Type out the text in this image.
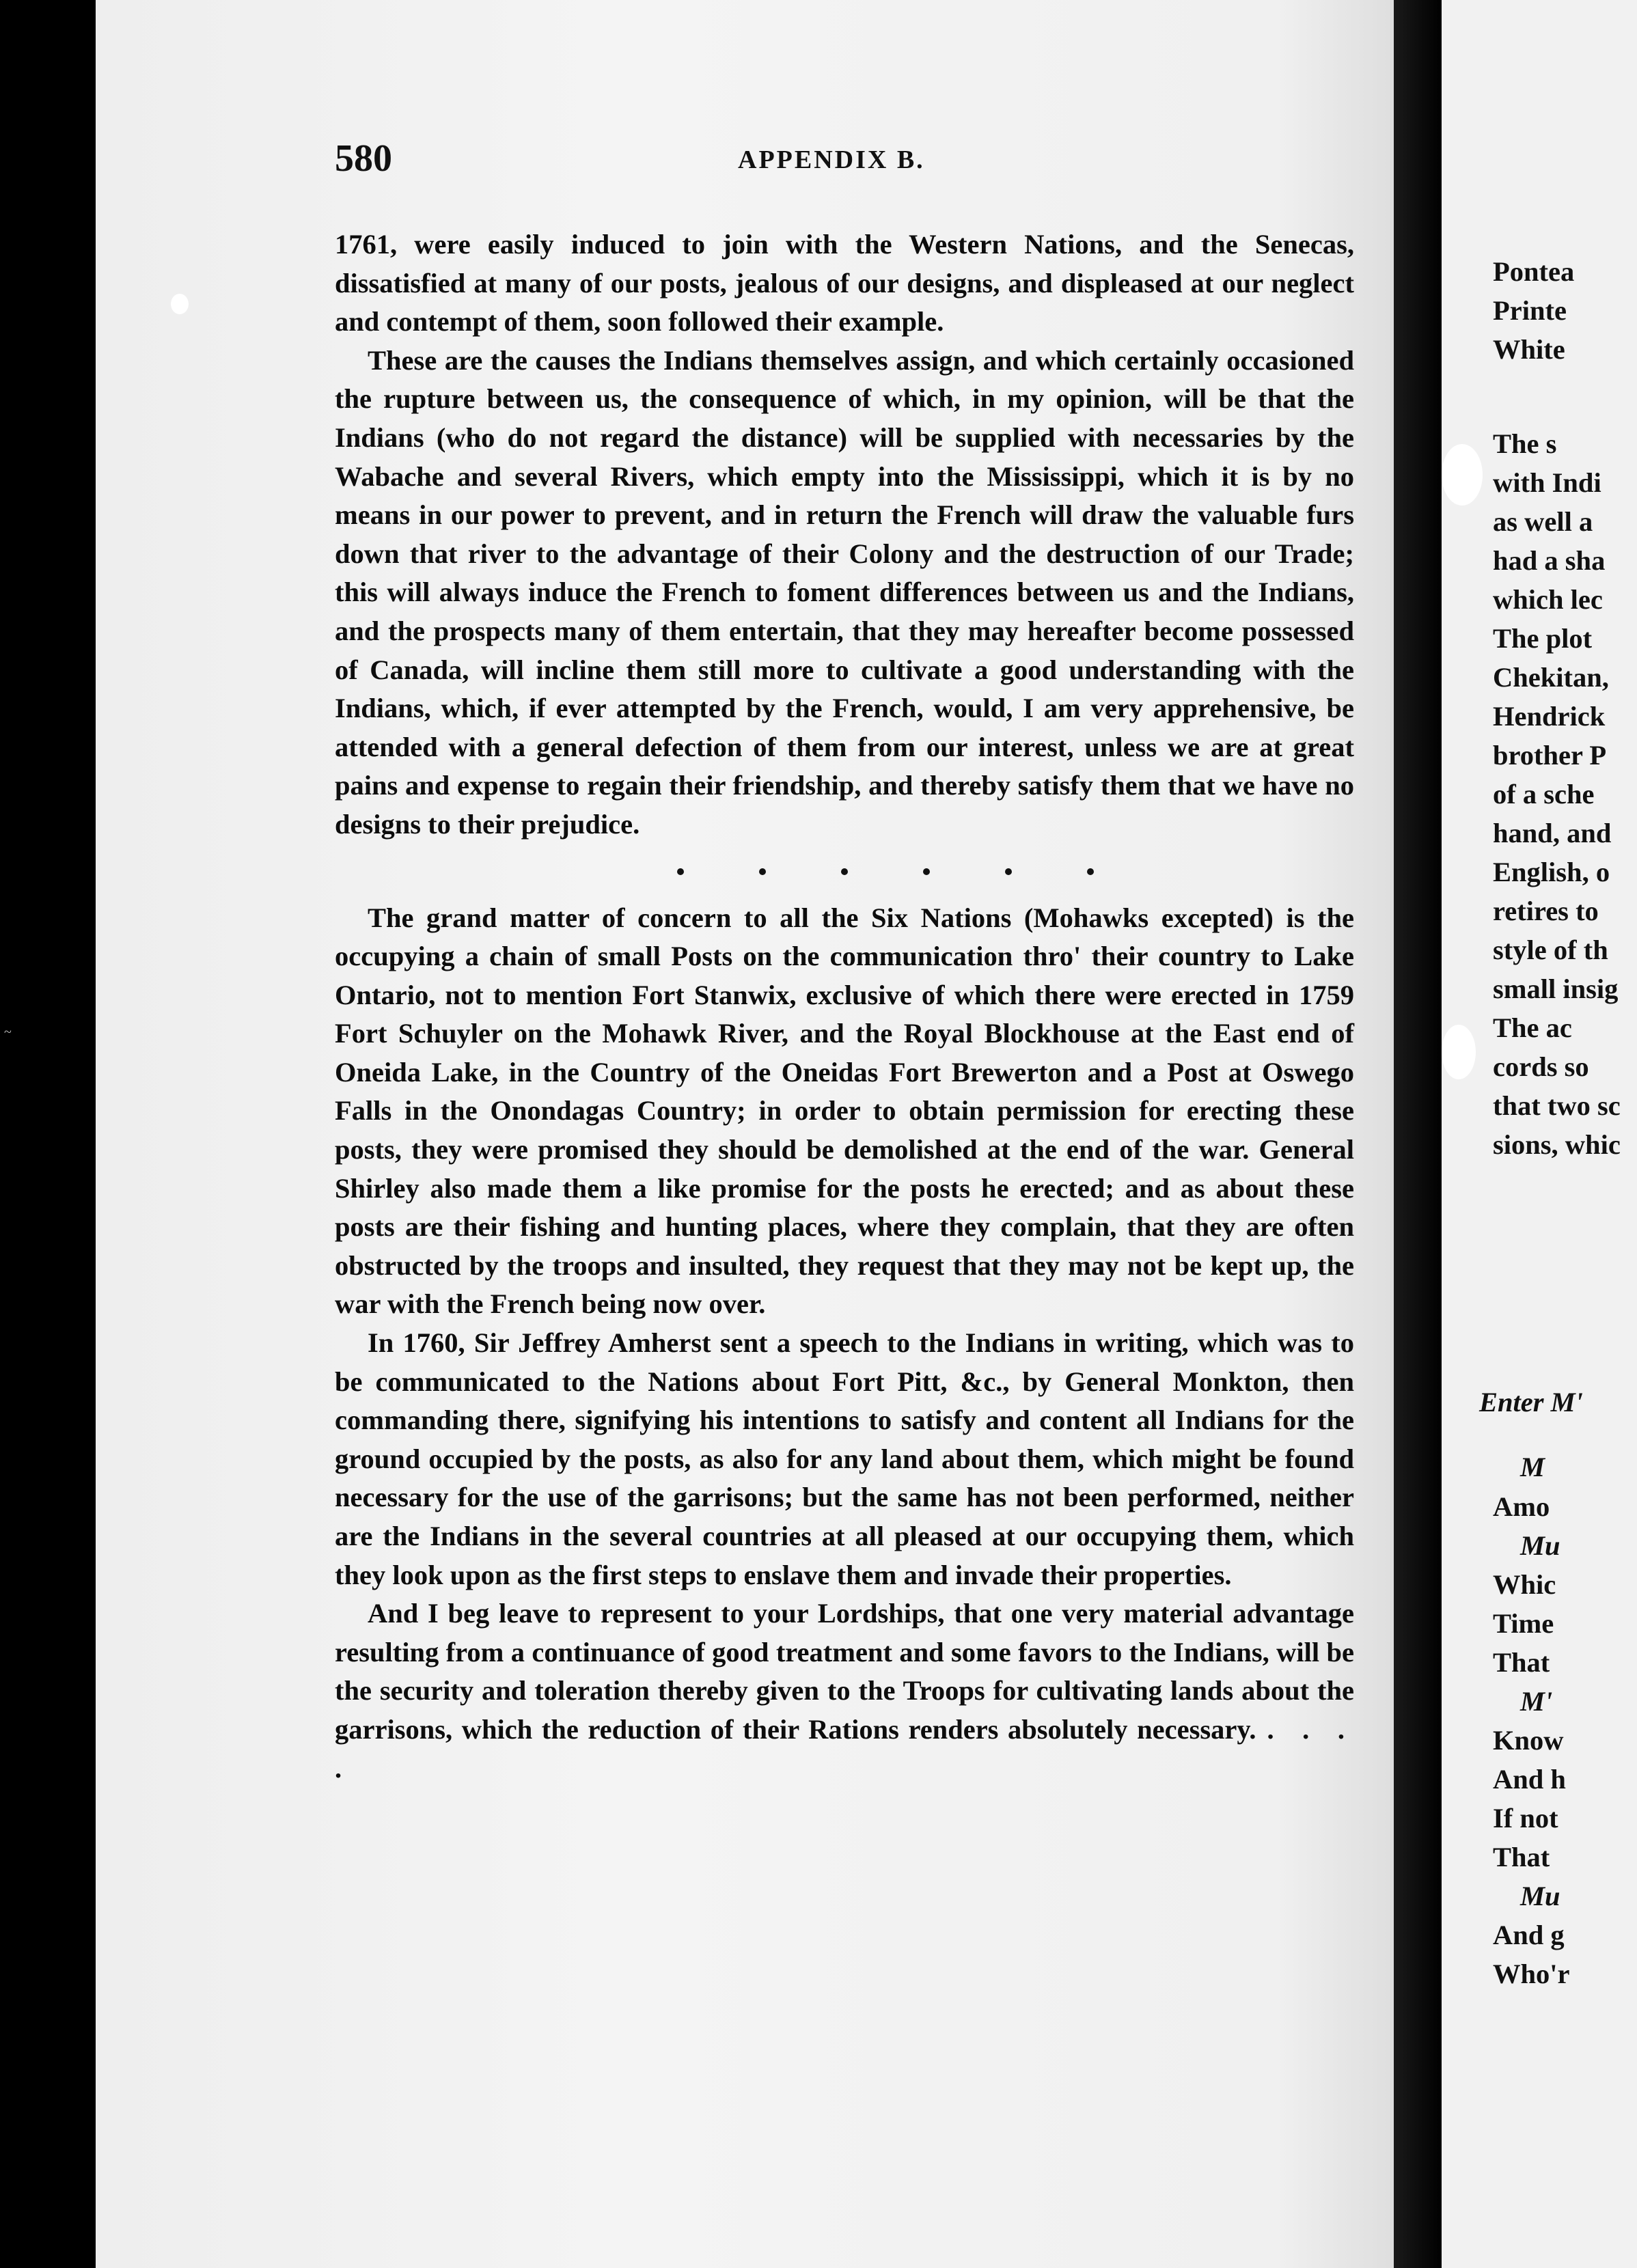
~
580	APPENDIX B.

1761, were easily induced to join with the Western Nations, and the Senecas, dissatisfied at many of our posts, jealous of our designs, and displeased at our neglect and contempt of them, soon followed their example.

These are the causes the Indians themselves assign, and which certainly occasioned the rupture between us, the consequence of which, in my opinion, will be that the Indians (who do not regard the distance) will be supplied with necessaries by the Wabache and several Rivers, which empty into the Mississippi, which it is by no means in our power to prevent, and in return the French will draw the valuable furs down that river to the advantage of their Colony and the destruction of our Trade; this will always induce the French to foment differences between us and the Indians, and the prospects many of them entertain, that they may hereafter become possessed of Canada, will incline them still more to cultivate a good understanding with the Indians, which, if ever attempted by the French, would, I am very apprehensive, be attended with a general defection of them from our interest, unless we are at great pains and expense to regain their friendship, and thereby satisfy them that we have no designs to their prejudice.

The grand matter of concern to all the Six Nations (Mohawks excepted) is the occupying a chain of small Posts on the communication thro' their country to Lake Ontario, not to mention Fort Stanwix, exclusive of which there were erected in 1759 Fort Schuyler on the Mohawk River, and the Royal Blockhouse at the East end of Oneida Lake, in the Country of the Oneidas Fort Brewerton and a Post at Oswego Falls in the Onondagas Country; in order to obtain permission for erecting these posts, they were promised they should be demolished at the end of the war. General Shirley also made them a like promise for the posts he erected; and as about these posts are their fishing and hunting places, where they complain, that they are often obstructed by the troops and insulted, they request that they may not be kept up, the war with the French being now over.

In 1760, Sir Jeffrey Amherst sent a speech to the Indians in writing, which was to be communicated to the Nations about Fort Pitt, &c., by General Monkton, then commanding there, signifying his intentions to satisfy and content all Indians for the ground occupied by the posts, as also for any land about them, which might be found necessary for the use of the garrisons; but the same has not been performed, neither are the Indians in the several countries at all pleased at our occupying them, which they look upon as the first steps to enslave them and invade their properties.

And I beg leave to represent to your Lordships, that one very material advantage resulting from a continuance of good treatment and some favors to the Indians, will be the security and toleration thereby given to the Troops for cultivating lands about the garrisons, which the reduction of their Rations renders absolutely necessary. . . . .

Pontea
Printe
White
The s
with Indi
as well a
had a sha
which lec
The plot
Chekitan,
Hendrick
brother P
of a sche
hand, and
English, o
retires to
style of th
small insig
The ac
cords so
that two sc
sions, whic
Enter M'
M
Amo
Mu
Whic
Time
That
M'
Know
And h
If not
That
Mu
And g
Who'r
